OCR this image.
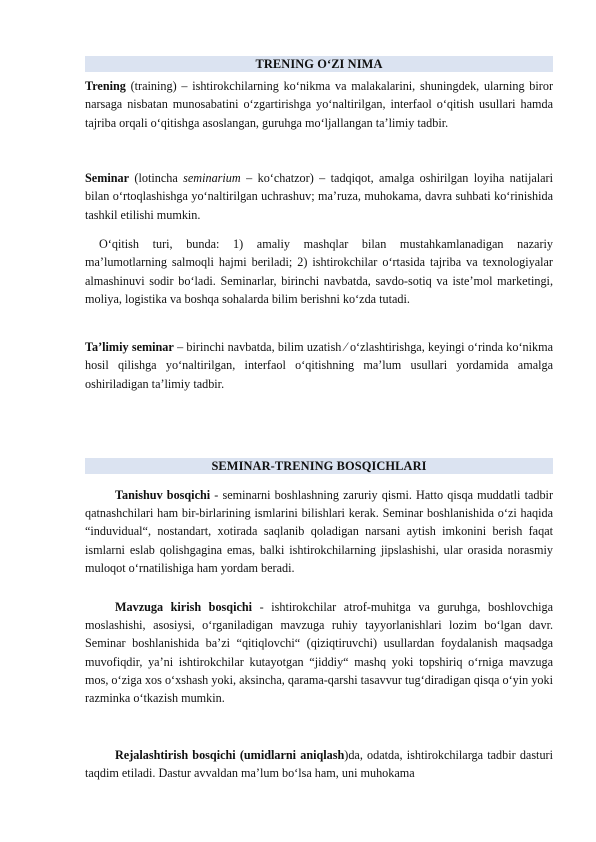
TRENING O‘ZI NIMA

Trening (training) – ishtirokchilarning ko‘nikma va malakalarini, shuningdek, ularning biror narsaga nisbatan munosabatini o‘zgartirishga yo‘naltirilgan, interfaol o‘qitish usullari hamda tajriba orqali o‘qitishga asoslangan, guruhga mo‘ljallangan ta’limiy tadbir.

Seminar (lotincha seminarium – ko‘chatzor) – tadqiqot, amalga oshirilgan loyiha natijalari bilan o‘rtoqlashishga yo‘naltirilgan uchrashuv; ma’ruza, muhokama, davra suhbati ko‘rinishida tashkil etilishi mumkin.

O‘qitish turi, bunda: 1) amaliy mashqlar bilan mustahkamlanadigan nazariy ma’lumotlarning salmoqli hajmi beriladi; 2) ishtirokchilar o‘rtasida tajriba va texnologiyalar almashinuvi sodir bo‘ladi. Seminarlar, birinchi navbatda, savdo-sotiq va iste’mol marketingi, moliya, logistika va boshqa sohalarda bilim berishni ko‘zda tutadi.

Ta’limiy seminar – birinchi navbatda, bilim uzatish ⁄ o‘zlashtirishga, keyingi o‘rinda ko‘nikma hosil qilishga yo‘naltirilgan, interfaol o‘qitishning ma’lum usullari yordamida amalga oshiriladigan ta’limiy tadbir.

SEMINAR-TRENING BOSQICHLARI

Tanishuv bosqichi - seminarni boshlashning zaruriy qismi. Hatto qisqa muddatli tadbir qatnashchilari ham bir-birlarining ismlarini bilishlari kerak. Seminar boshlanishida o‘zi haqida “induvidual“, nostandart, xotirada saqlanib qoladigan narsani aytish imkonini berish faqat ismlarni eslab qolishgagina emas, balki ishtirokchilarning jipslashishi, ular orasida norasmiy muloqot o‘rnatilishiga ham yordam beradi.

Mavzuga kirish bosqichi - ishtirokchilar atrof-muhitga va guruhga, boshlovchiga moslashishi, asosiysi, o‘rganiladigan mavzuga ruhiy tayyorlanishlari lozim bo‘lgan davr. Seminar boshlanishida ba’zi “qitiqlovchi“ (qiziqtiruvchi) usullardan foydalanish maqsadga muvofiqdir, ya’ni ishtirokchilar kutayotgan “jiddiy“ mashq yoki topshiriq o‘rniga mavzuga mos, o‘ziga xos o‘xshash yoki, aksincha, qarama-qarshi tasavvur tug‘diradigan qisqa o‘yin yoki razminka o‘tkazish mumkin.

Rejalashtirish bosqichi (umidlarni aniqlash)da, odatda, ishtirokchilarga tadbir dasturi taqdim etiladi. Dastur avvaldan ma’lum bo‘lsa ham, uni muhokama
